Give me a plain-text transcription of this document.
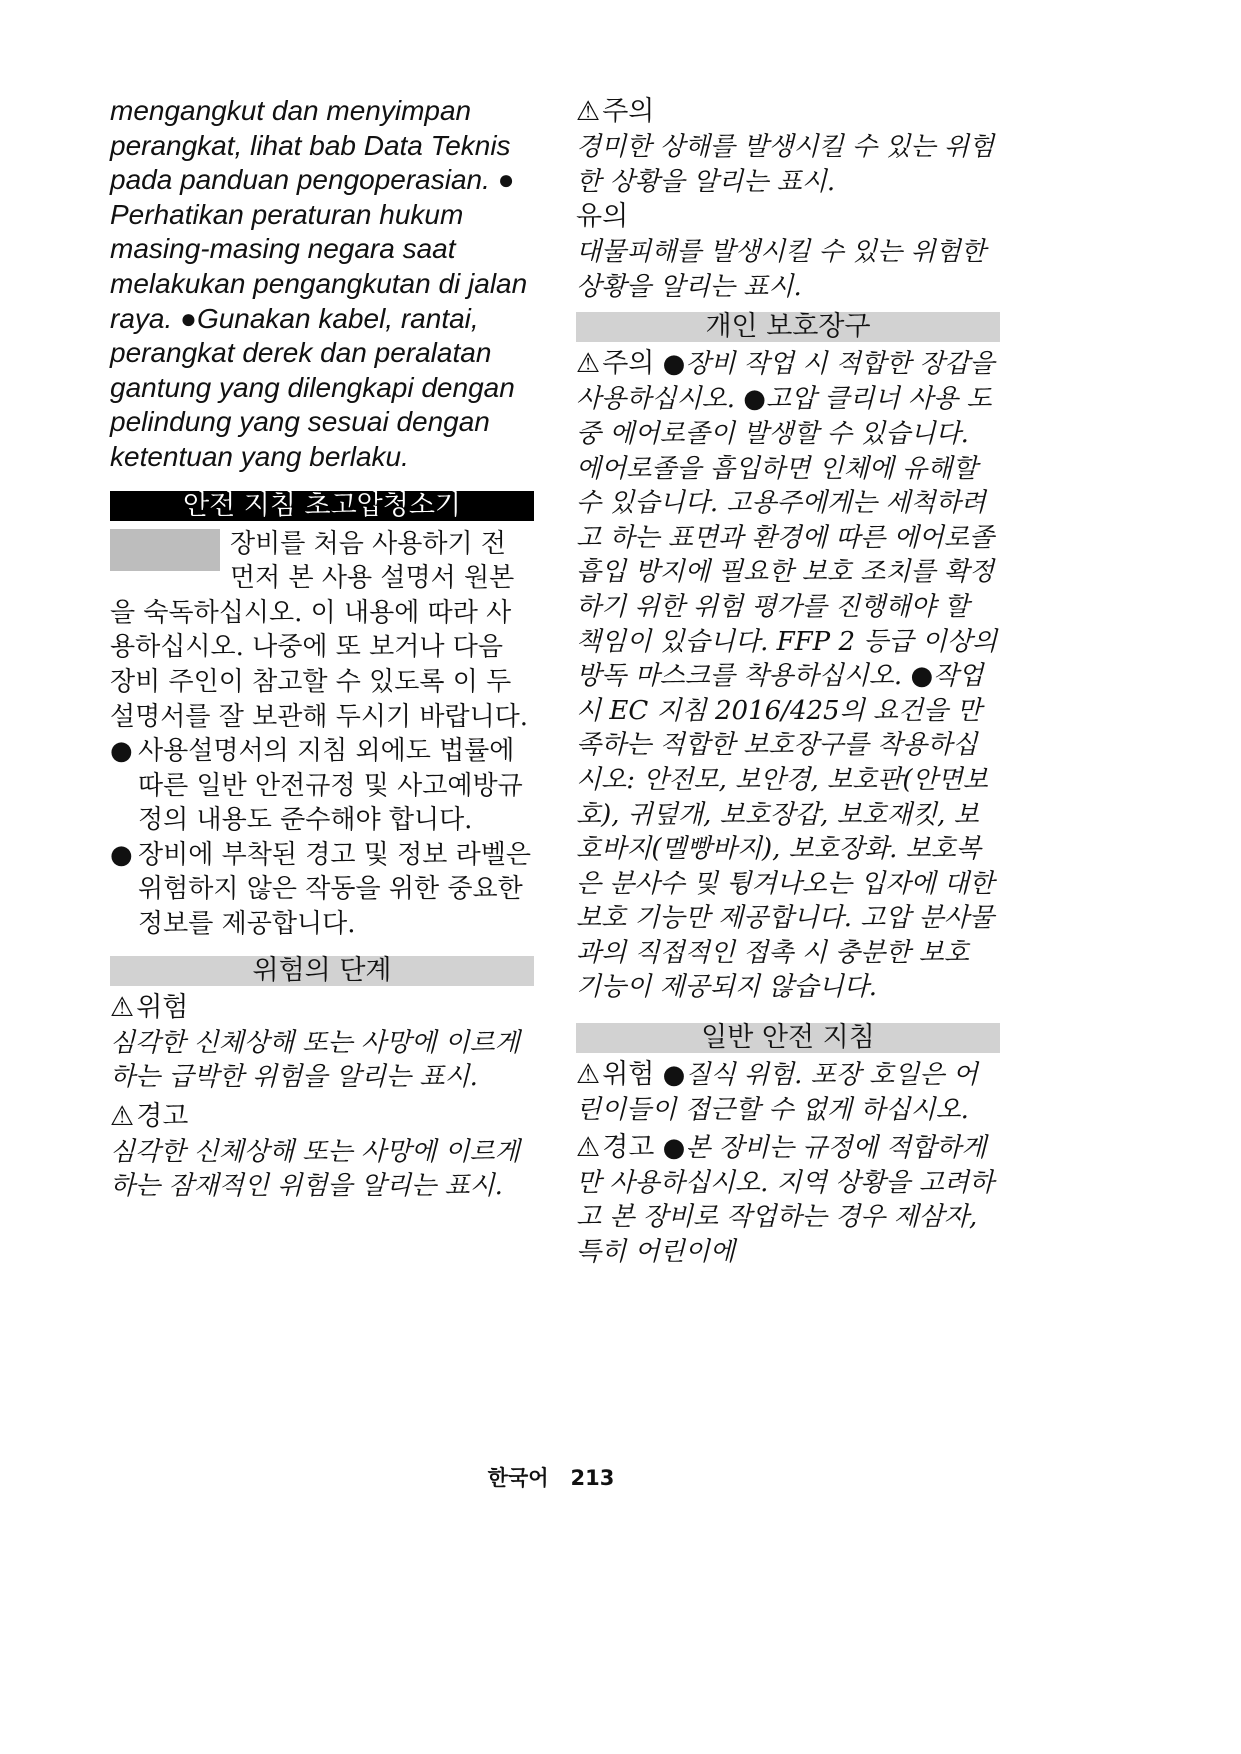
mengangkut dan menyimpan perangkat, lihat bab Data Teknis pada panduan pengoperasian. ● Perhatikan peraturan hukum masing-masing negara saat melakukan pengangkutan di jalan raya. ●Gunakan kabel, rantai, perangkat derek dan peralatan gantung yang dilengkapi dengan pelindung yang sesuai dengan ketentuan yang berlaku.

안전 지침 초고압청소기

장비를 처음 사용하기 전 먼저 본 사용 설명서 원본을 숙독하십시오. 이 내용에 따라 사용하십시오. 나중에 또 보거나 다음 장비 주인이 참고할 수 있도록 이 두 설명서를 잘 보관해 두시기 바랍니다.

● 사용설명서의 지침 외에도 법률에 따른 일반 안전규정 및 사고예방규정의 내용도 준수해야 합니다.

● 장비에 부착된 경고 및 정보 라벨은 위험하지 않은 작동을 위한 중요한 정보를 제공합니다.

위험의 단계

⚠위험

심각한 신체상해 또는 사망에 이르게 하는 급박한 위험을 알리는 표시.

⚠경고

심각한 신체상해 또는 사망에 이르게 하는 잠재적인 위험을 알리는 표시.

⚠주의

경미한 상해를 발생시킬 수 있는 위험한 상황을 알리는 표시.

유의

대물피해를 발생시킬 수 있는 위험한 상황을 알리는 표시.

개인 보호장구

⚠주의 ●장비 작업 시 적합한 장갑을 사용하십시오. ●고압 클리너 사용 도중 에어로졸이 발생할 수 있습니다. 에어로졸을 흡입하면 인체에 유해할 수 있습니다. 고용주에게는 세척하려고 하는 표면과 환경에 따른 에어로졸 흡입 방지에 필요한 보호 조치를 확정하기 위한 위험 평가를 진행해야 할 책임이 있습니다. FFP 2 등급 이상의 방독 마스크를 착용하십시오. ●작업 시 EC 지침 2016/425의 요건을 만족하는 적합한 보호장구를 착용하십시오: 안전모, 보안경, 보호판(안면보호), 귀덮개, 보호장갑, 보호재킷, 보호바지(멜빵바지), 보호장화. 보호복은 분사수 및 튕겨나오는 입자에 대한 보호 기능만 제공합니다. 고압 분사물과의 직접적인 접촉 시 충분한 보호 기능이 제공되지 않습니다.

일반 안전 지침

⚠위험 ●질식 위험. 포장 호일은 어린이들이 접근할 수 없게 하십시오.

⚠경고 ●본 장비는 규정에 적합하게만 사용하십시오. 지역 상황을 고려하고 본 장비로 작업하는 경우 제삼자, 특히 어린이에

한국어 213
